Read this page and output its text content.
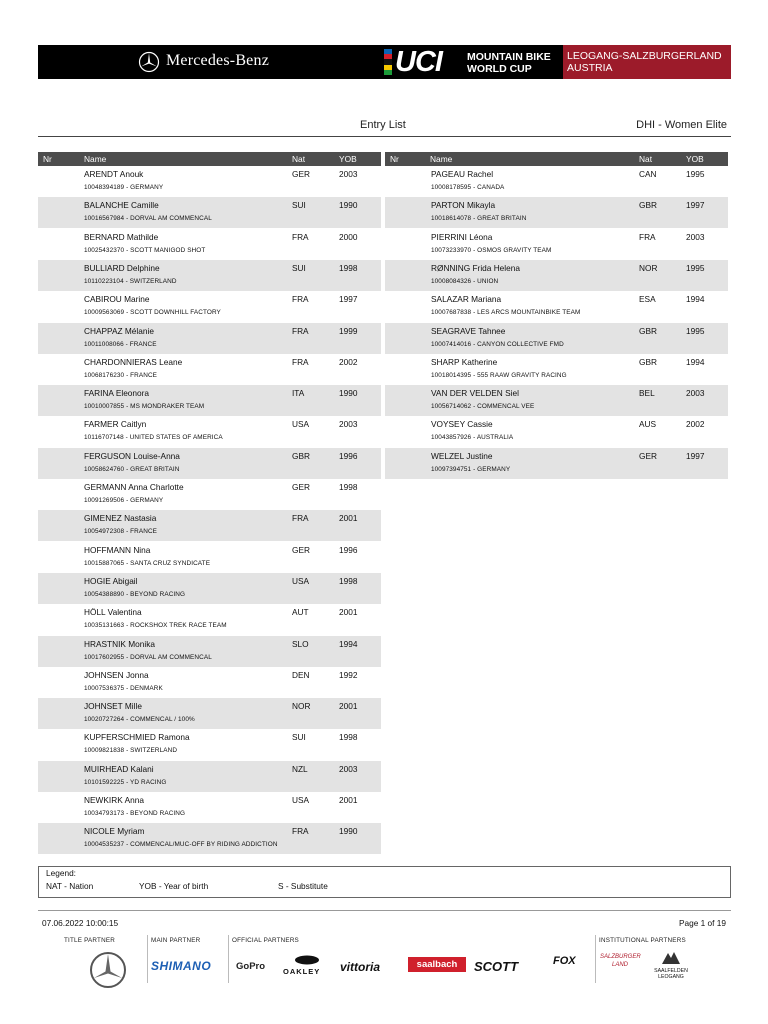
Mercedes-Benz	UCI MOUNTAIN BIKE
WORLD CUP
LEOGANG-SALZBURGERLAND
AUSTRIA
Entry List	DHI - Women Elite
Nr	Name	Nat	YOB
ARENDT Anouk	GER	2003
10048394189 - GERMANY
BALANCHE Camille	SUI	1990
10016567984 - DORVAL AM COMMENCAL
BERNARD Mathilde	FRA	2000
10025432370 - SCOTT MANIGOD SHOT
BULLIARD Delphine	SUI	1998
10110223104 - SWITZERLAND
CABIROU Marine	FRA	1997
10009563069 - SCOTT DOWNHILL FACTORY
CHAPPAZ Mélanie	FRA	1999
10011008066 - FRANCE
CHARDONNIERAS Leane	FRA	2002
10068176230 - FRANCE
FARINA Eleonora	ITA	1990
10010007855 - MS MONDRAKER TEAM
FARMER Caitlyn	USA	2003
10116707148 - UNITED STATES OF AMERICA
FERGUSON Louise-Anna	GBR	1996
10058624760 - GREAT BRITAIN
GERMANN Anna Charlotte	GER	1998
10091269506 - GERMANY
GIMENEZ Nastasia	FRA	2001
10054972308 - FRANCE
HOFFMANN Nina	GER	1996
10015887065 - SANTA CRUZ SYNDICATE
HOGIE Abigail	USA	1998
10054388890 - BEYOND RACING
HÖLL Valentina	AUT	2001
10035131663 - ROCKSHOX TREK RACE TEAM
HRASTNIK Monika	SLO	1994
10017602955 - DORVAL AM COMMENCAL
JOHNSEN Jonna	DEN	1992
10007536375 - DENMARK
JOHNSET Mille	NOR	2001
10020727264 - COMMENCAL / 100%
KUPFERSCHMIED Ramona	SUI	1998
10009821838 - SWITZERLAND
MUIRHEAD Kalani	NZL	2003
10101592225 - YD RACING
NEWKIRK Anna	USA	2001
10034793173 - BEYOND RACING
NICOLE Myriam	FRA	1990
10004535237 - COMMENCAL/MUC-OFF BY RIDING ADDICTION
Nr	Name	Nat	YOB
PAGEAU Rachel	CAN	1995
10008178595 - CANADA
PARTON Mikayla	GBR	1997
10018614078 - GREAT BRITAIN
PIERRINI Léona	FRA	2003
10073233970 - OSMOS GRAVITY TEAM
RØNNING Frida Helena	NOR	1995
10008084326 - UNION
SALAZAR Mariana	ESA	1994
10007687838 - LES ARCS MOUNTAINBIKE TEAM
SEAGRAVE Tahnee	GBR	1995
10007414016 - CANYON COLLECTIVE FMD
SHARP Katherine	GBR	1994
10018014395 - 555 RAAW GRAVITY RACING
VAN DER VELDEN Siel	BEL	2003
10056714062 - COMMENCAL VEE
VOYSEY Cassie	AUS	2002
10043857926 - AUSTRALIA
WELZEL Justine	GER	1997
10097394751 - GERMANY
Legend:
NAT - Nation	YOB - Year of birth	S - Substitute
07.06.2022 10:00:15	Page 1 of 19
TITLE PARTNER	MAIN PARTNER	OFFICIAL PARTNERS	INSTITUTIONAL PARTNERS
SHIMANO	GoPro OAKLEY vittoria	saalbach	SCOTT	FOX	SALZBURGER LAND
SAALFELDEN LEOGANG
